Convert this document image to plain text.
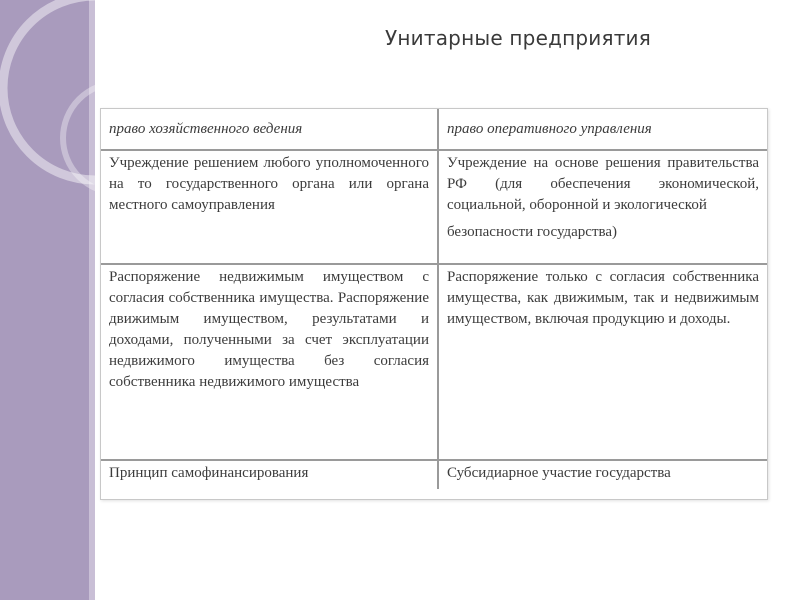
Унитарные предприятия
право хозяйственного ведения	право оперативного управления
Учреждение решением любого уполномоченного на то государственного органа или органа местного самоуправления	Учреждение на основе решения правительства РФ (для обеспечения экономической, социальной, оборонной и экологической
безопасности государства)

Распоряжение недвижимым имуществом с согласия собственника имущества. Распоряжение движимым имуществом, результатами и доходами, полученными за счет эксплуатации недвижимого имущества без согласия собственника недвижимого имущества	Распоряжение только с согласия собственника имущества, как движимым, так и недвижимым имуществом, включая продукцию и доходы.
Принцип самофинансирования	Субсидиарное участие государства
